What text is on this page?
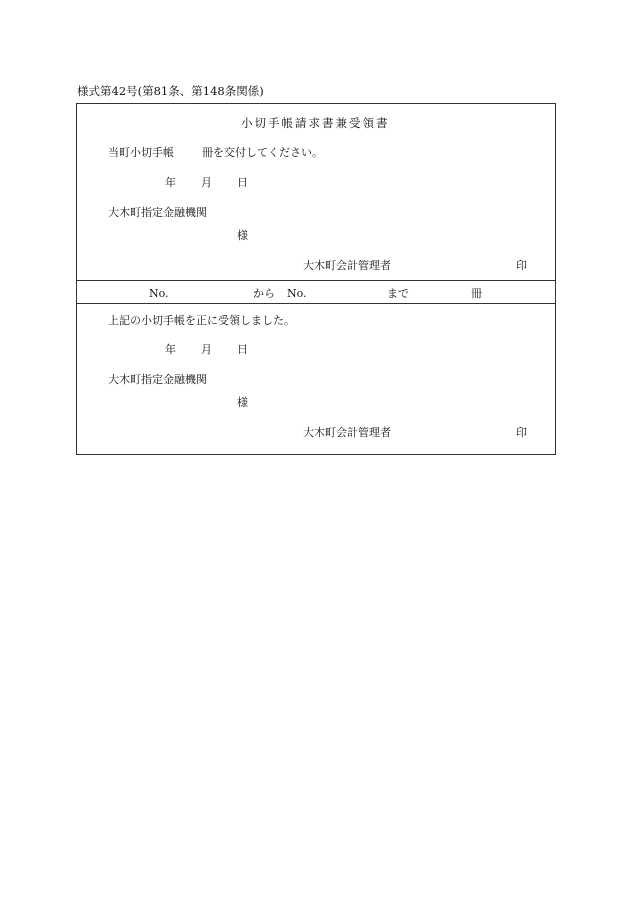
様式第42号(第81条、第148条関係)
小切手帳請求書兼受領書
当町小切手帳	冊を交付してください。
年 月 日
大木町指定金融機関
様
大木町会計管理者	印
No.	から No.	まで	冊
上記の小切手帳を正に受領しました。
年 月 日
大木町指定金融機関
様
大木町会計管理者	印
